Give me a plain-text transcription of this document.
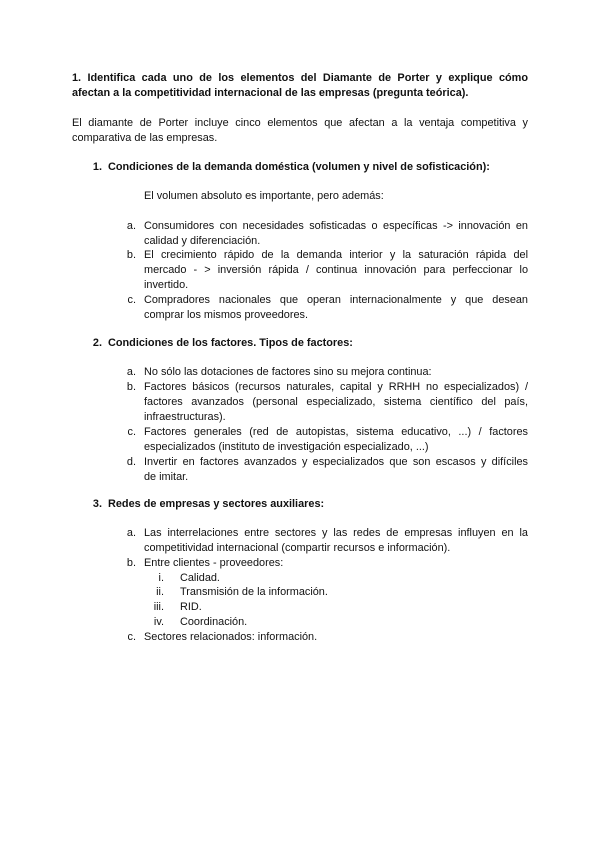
1. Identifica cada uno de los elementos del Diamante de Porter y explique cómo
afectan a la competitividad internacional de las empresas (pregunta teórica).
El diamante de Porter incluye cinco elementos que afectan a la ventaja competitiva y
comparativa de las empresas.
1. Condiciones de la demanda doméstica (volumen y nivel de sofisticación):
El volumen absoluto es importante, pero además:
a. Consumidores con necesidades sofisticadas o específicas -> innovación en
calidad y diferenciación.
b. El crecimiento rápido de la demanda interior y la saturación rápida del
mercado - > inversión rápida / continua innovación para perfeccionar lo
invertido.
c. Compradores nacionales que operan internacionalmente y que desean
comprar los mismos proveedores.
2. Condiciones de los factores. Tipos de factores:
a. No sólo las dotaciones de factores sino su mejora continua:
b. Factores básicos (recursos naturales, capital y RRHH no especializados) /
factores avanzados (personal especializado, sistema científico del país,
infraestructuras).
c. Factores generales (red de autopistas, sistema educativo, ...) / factores
especializados (instituto de investigación especializado, ...)
d. Invertir en factores avanzados y especializados que son escasos y difíciles
de imitar.
3. Redes de empresas y sectores auxiliares:
a. Las interrelaciones entre sectores y las redes de empresas influyen en la
competitividad internacional (compartir recursos e información).
b. Entre clientes - proveedores:
i. Calidad.
ii. Transmisión de la información.
iii. RID.
iv. Coordinación.
c. Sectores relacionados: información.
